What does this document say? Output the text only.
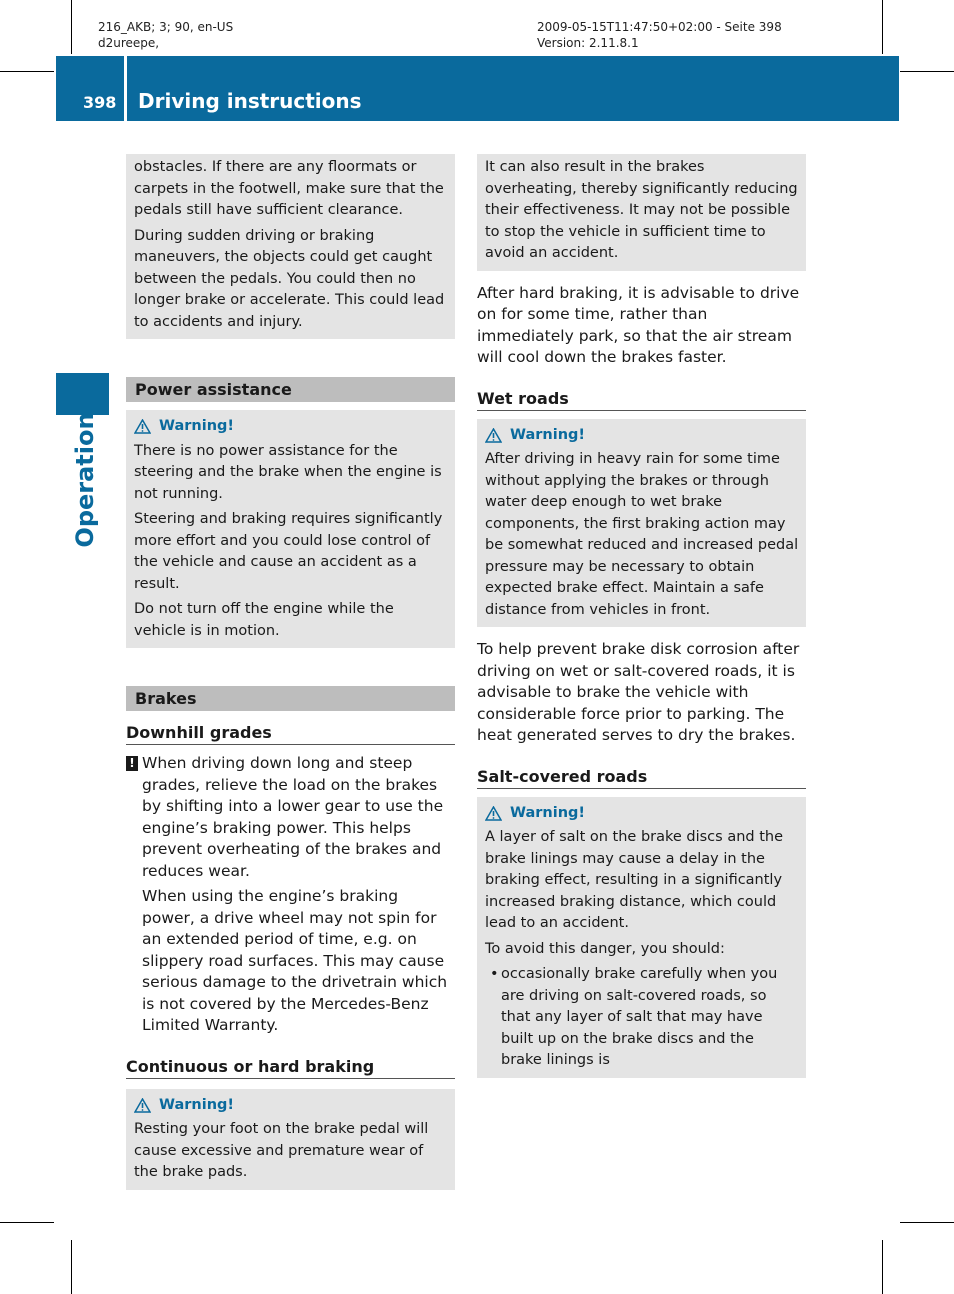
216_AKB; 3; 90, en-US
d2ureepe,
2009-05-15T11:47:50+02:00 - Seite 398
Version: 2.11.8.1
398 Driving instructions
Operation

obstacles. If there are any floormats or carpets in the footwell, make sure that the pedals still have sufficient clearance.

During sudden driving or braking maneuvers, the objects could get caught between the pedals. You could then no longer brake or accelerate. This could lead to accidents and injury.

Power assistance
Warning!

There is no power assistance for the steering and the brake when the engine is not running.

Steering and braking requires significantly more effort and you could lose control of the vehicle and cause an accident as a result.

Do not turn off the engine while the vehicle is in motion.

Brakes
Downhill grades
! When driving down long and steep grades, relieve the load on the brakes by shifting into a lower gear to use the engine’s braking power. This helps prevent overheating of the brakes and reduces wear.

When using the engine’s braking power, a drive wheel may not spin for an extended period of time, e.g. on slippery road surfaces. This may cause serious damage to the drivetrain which is not covered by the Mercedes-Benz Limited Warranty.

Continuous or hard braking
Warning!

Resting your foot on the brake pedal will cause excessive and premature wear of the brake pads.

It can also result in the brakes overheating, thereby significantly reducing their effectiveness. It may not be possible to stop the vehicle in sufficient time to avoid an accident.

After hard braking, it is advisable to drive on for some time, rather than immediately park, so that the air stream will cool down the brakes faster.

Wet roads
Warning!

After driving in heavy rain for some time without applying the brakes or through water deep enough to wet brake components, the first braking action may be somewhat reduced and increased pedal pressure may be necessary to obtain expected brake effect. Maintain a safe distance from vehicles in front.

To help prevent brake disk corrosion after driving on wet or salt-covered roads, it is advisable to brake the vehicle with considerable force prior to parking. The heat generated serves to dry the brakes.

Salt-covered roads
Warning!

A layer of salt on the brake discs and the brake linings may cause a delay in the braking effect, resulting in a significantly increased braking distance, which could lead to an accident.

To avoid this danger, you should:

• occasionally brake carefully when you are driving on salt-covered roads, so that any layer of salt that may have built up on the brake discs and the brake linings is
